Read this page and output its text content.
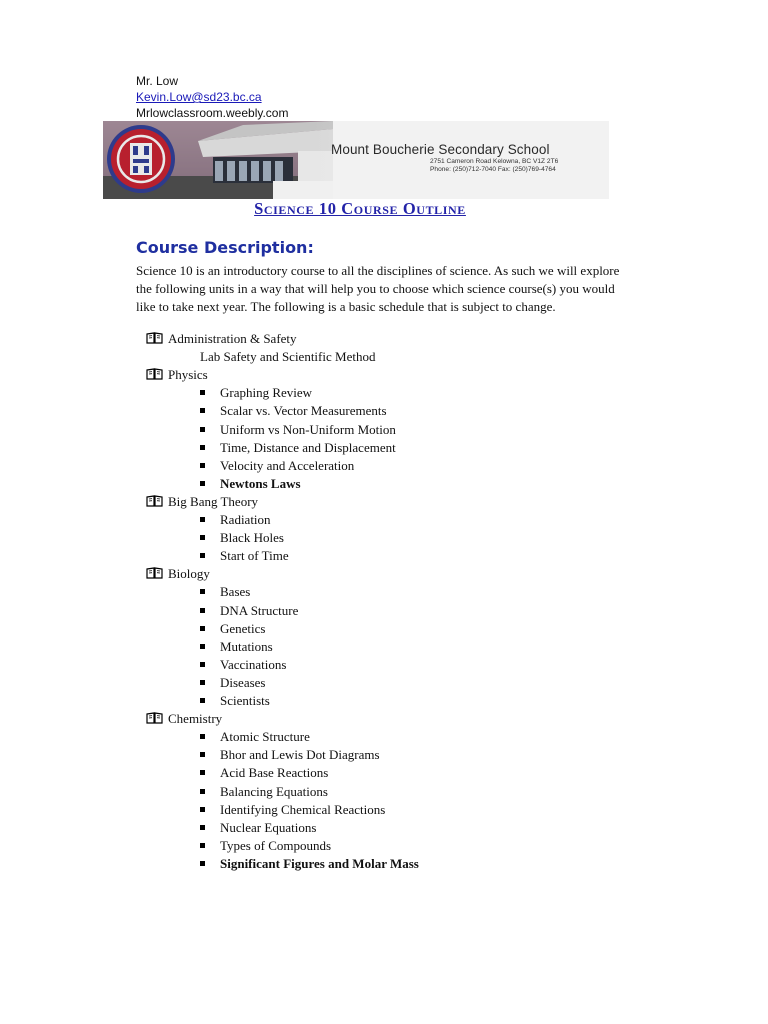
Mr. Low
Kevin.Low@sd23.bc.ca
Mrlowclassroom.weebly.com
Mount Boucherie Secondary School
2751 Cameron Road Kelowna, BC V1Z 2T6
Phone: (250)712-7040 Fax: (250)769-4764
Science 10 Course Outline
Course Description:

Science 10 is an introductory course to all the disciplines of science. As such we will explore the following units in a way that will help you to choose which science course(s) you would like to take next year. The following is a basic schedule that is subject to change.

Administration & Safety
Lab Safety and Scientific Method
Physics
Graphing Review
Scalar vs. Vector Measurements
Uniform vs Non-Uniform Motion
Time, Distance and Displacement
Velocity and Acceleration
Newtons Laws
Big Bang Theory
Radiation
Black Holes
Start of Time
Biology
Bases
DNA Structure
Genetics
Mutations
Vaccinations
Diseases
Scientists
Chemistry
Atomic Structure
Bhor and Lewis Dot Diagrams
Acid Base Reactions
Balancing Equations
Identifying Chemical Reactions
Nuclear Equations
Types of Compounds
Significant Figures and Molar Mass
